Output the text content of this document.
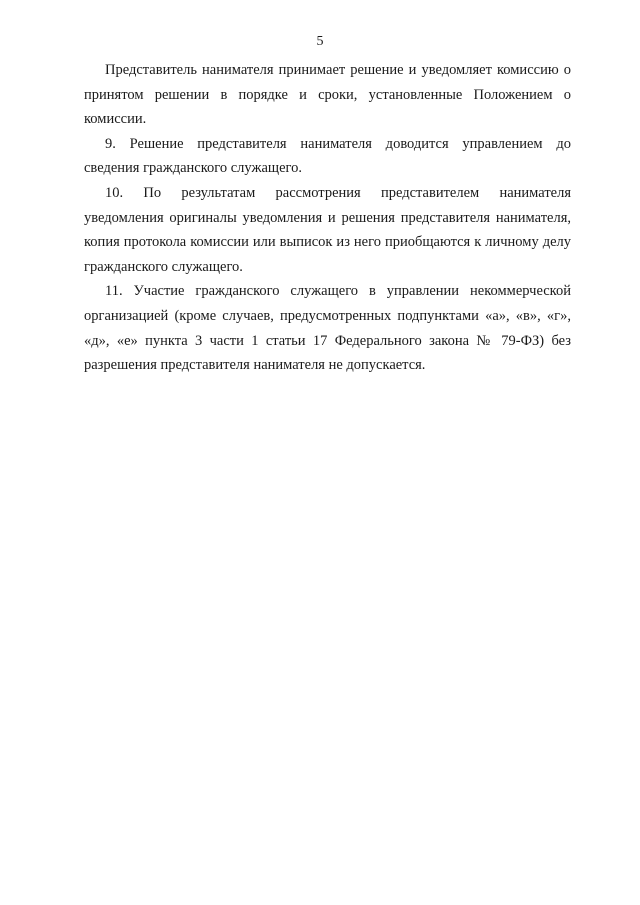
5

Представитель нанимателя принимает решение и уведомляет комиссию о
принятом решении в порядке и сроки, установленные Положением о комиссии.

9. Решение представителя нанимателя доводится управлением до
сведения гражданского служащего.

10. По результатам рассмотрения представителем нанимателя
уведомления оригиналы уведомления и решения представителя нанимателя,
копия протокола комиссии или выписок из него приобщаются к личному делу
гражданского служащего.

11. Участие гражданского служащего в управлении некоммерческой
организацией (кроме случаев, предусмотренных подпунктами «а», «в», «г»,
«д», «е» пункта 3 части 1 статьи 17 Федерального закона № 79-ФЗ) без
разрешения представителя нанимателя не допускается.
